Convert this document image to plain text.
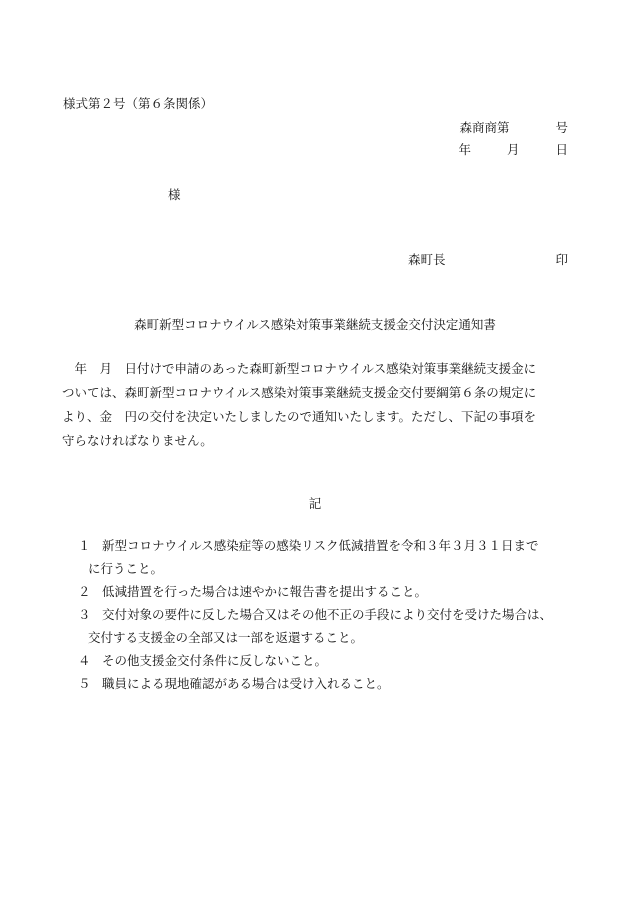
様式第２号（第６条関係）
森商商第	号
年	月	日
様
森町長	印
森町新型コロナウイルス感染対策事業継続支援金交付決定通知書
　年　月　日付けで申請のあった森町新型コロナウイルス感染対策事業継続支援金に
ついては、森町新型コロナウイルス感染対策事業継続支援金交付要綱第６条の規定に
より、金　円の交付を決定いたしましたので通知いたします。ただし、下記の事項を
守らなければなりません。
記
１ 新型コロナウイルス感染症等の感染リスク低減措置を令和３年３月３１日まで
に行うこと。
２ 低減措置を行った場合は速やかに報告書を提出すること。
３ 交付対象の要件に反した場合又はその他不正の手段により交付を受けた場合は、
交付する支援金の全部又は一部を返還すること。
４ その他支援金交付条件に反しないこと。
５ 職員による現地確認がある場合は受け入れること。
